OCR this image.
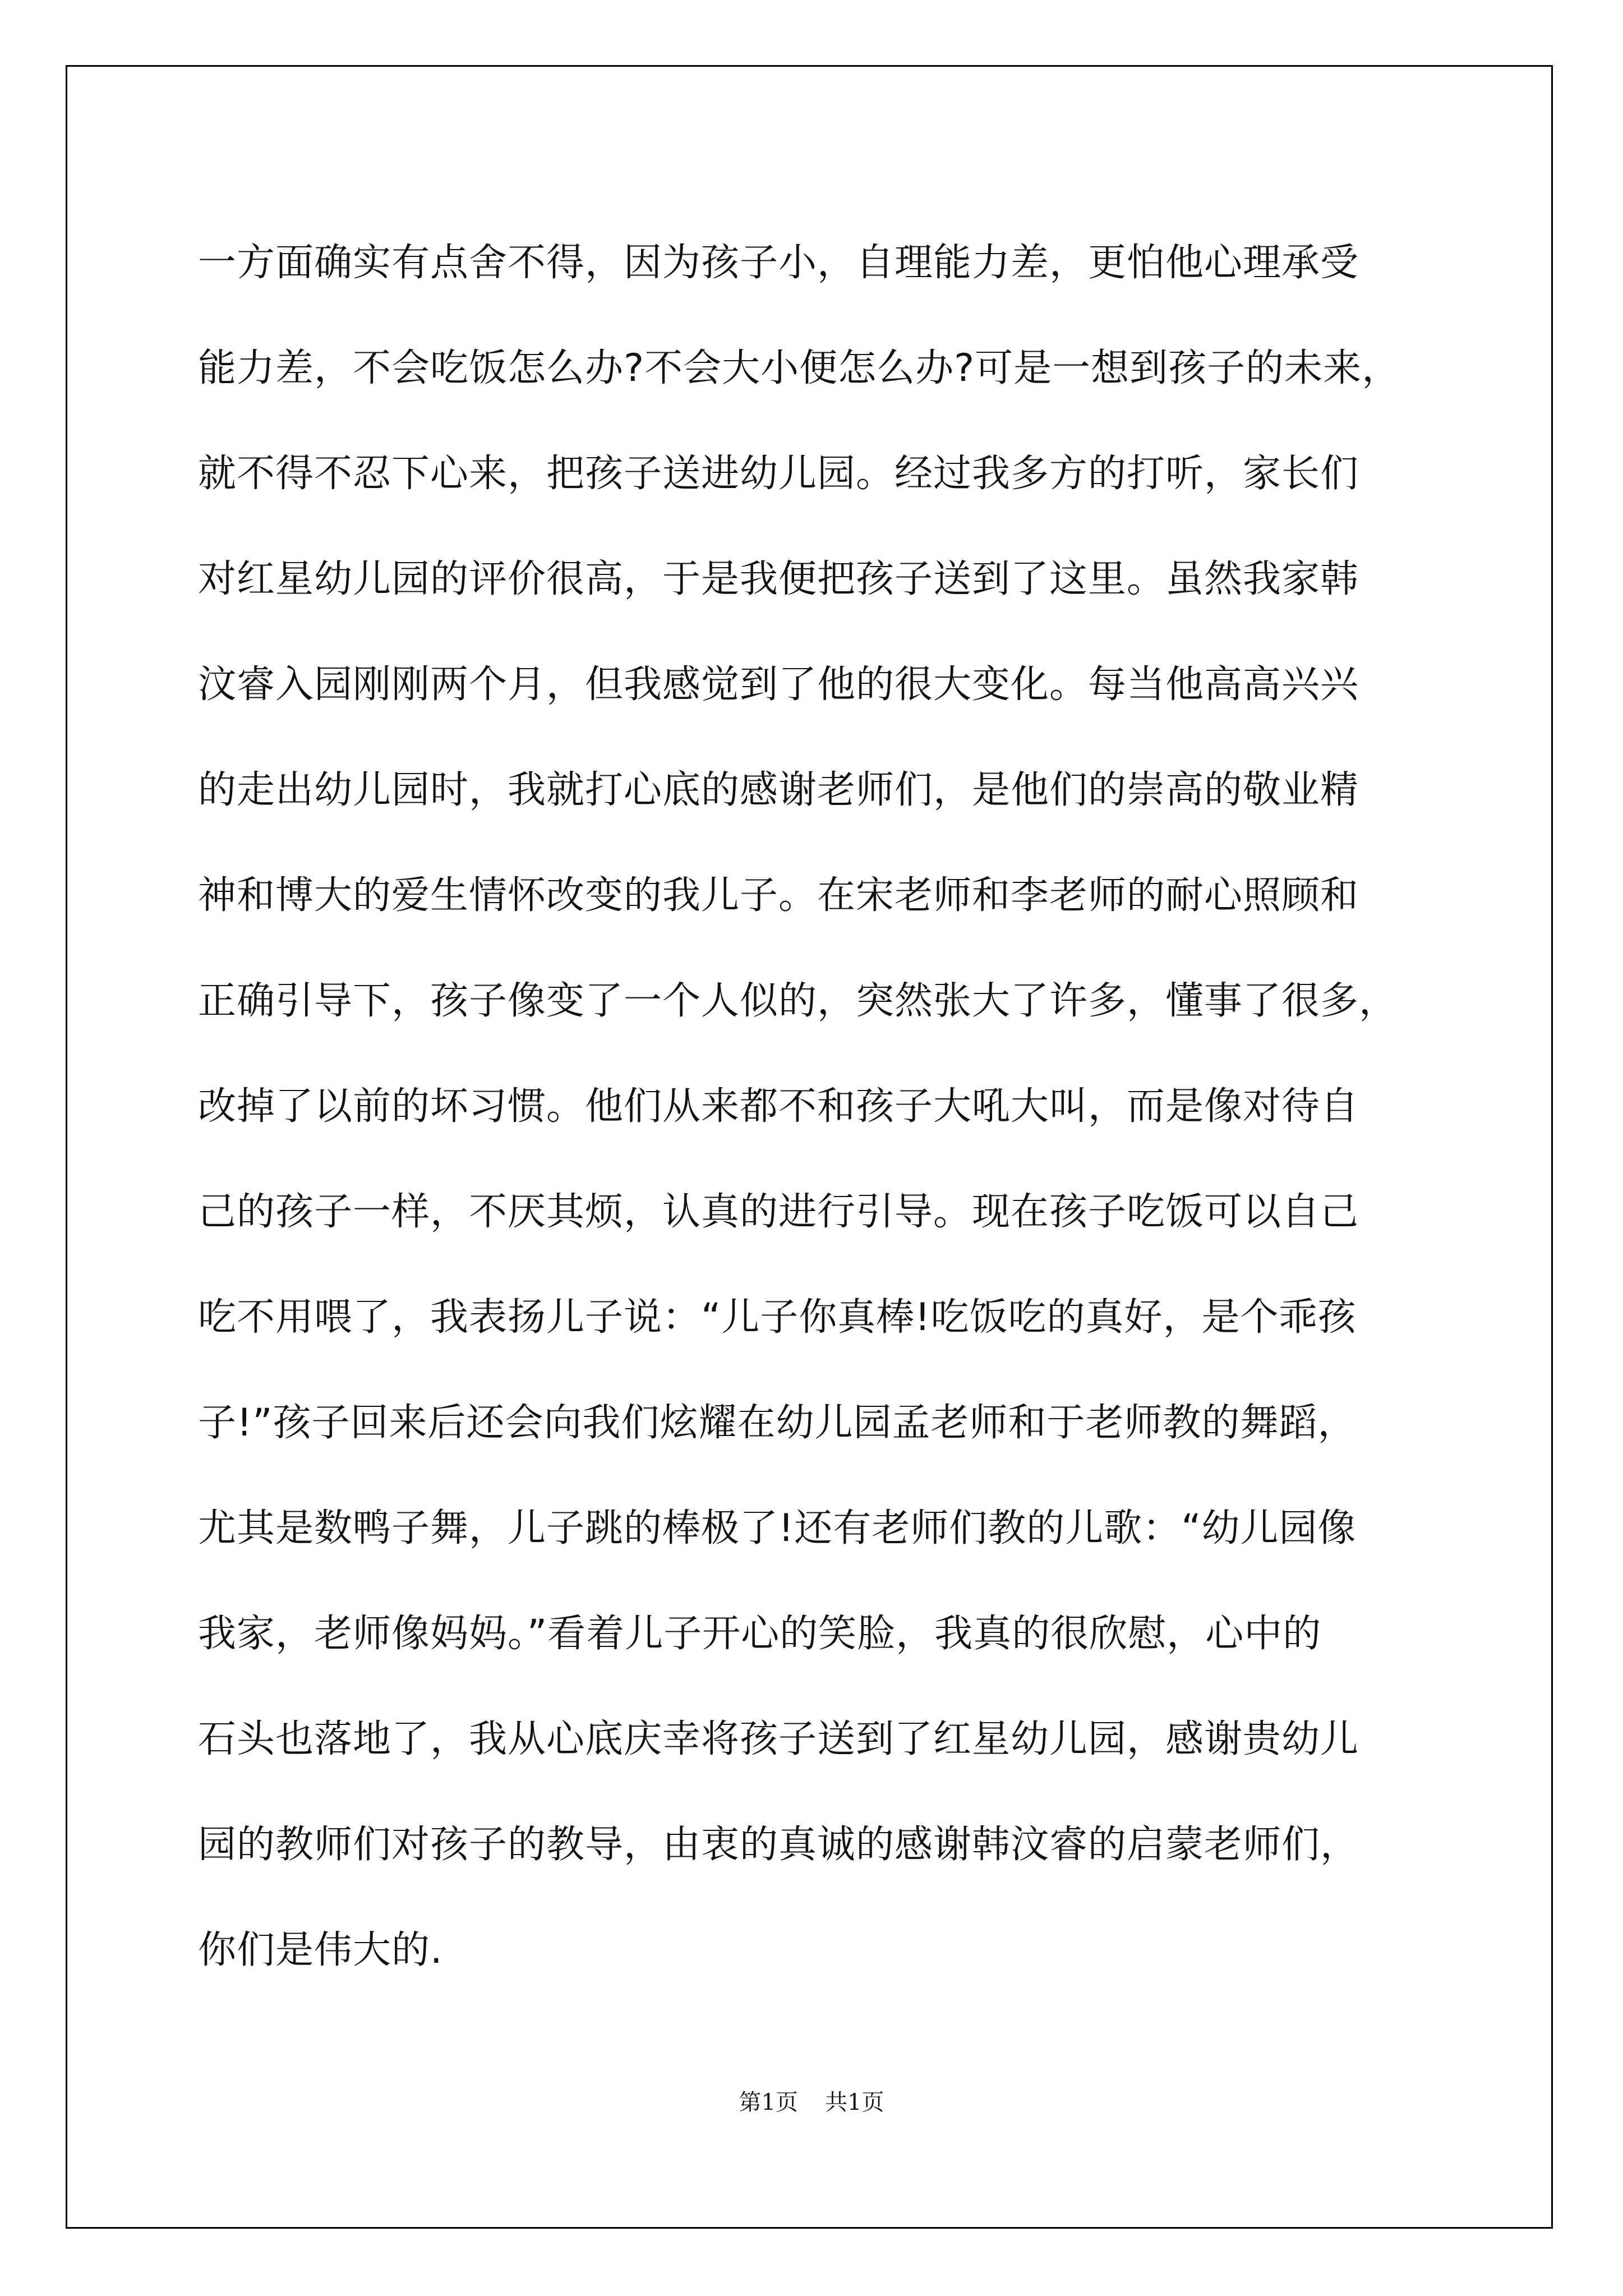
一方面确实有点舍不得，因为孩子小，自理能力差，更怕他心理承受

能力差，不会吃饭怎么办?不会大小便怎么办?可是一想到孩子的未来，

就不得不忍下心来，把孩子送进幼儿园。经过我多方的打听，家长们

对红星幼儿园的评价很高，于是我便把孩子送到了这里。虽然我家韩

汶睿入园刚刚两个月，但我感觉到了他的很大变化。每当他高高兴兴

的走出幼儿园时，我就打心底的感谢老师们，是他们的崇高的敬业精

神和博大的爱生情怀改变的我儿子。在宋老师和李老师的耐心照顾和

正确引导下，孩子像变了一个人似的，突然张大了许多，懂事了很多，

改掉了以前的坏习惯。他们从来都不和孩子大吼大叫，而是像对待自

己的孩子一样，不厌其烦，认真的进行引导。现在孩子吃饭可以自己

吃不用喂了，我表扬儿子说：“儿子你真棒!吃饭吃的真好，是个乖孩

子!”孩子回来后还会向我们炫耀在幼儿园孟老师和于老师教的舞蹈，

尤其是数鸭子舞，儿子跳的棒极了!还有老师们教的儿歌：“幼儿园像

我家，老师像妈妈。”看着儿子开心的笑脸，我真的很欣慰，心中的

石头也落地了，我从心底庆幸将孩子送到了红星幼儿园，感谢贵幼儿

园的教师们对孩子的教导，由衷的真诚的感谢韩汶睿的启蒙老师们，

你们是伟大的.

第1页 共1页
